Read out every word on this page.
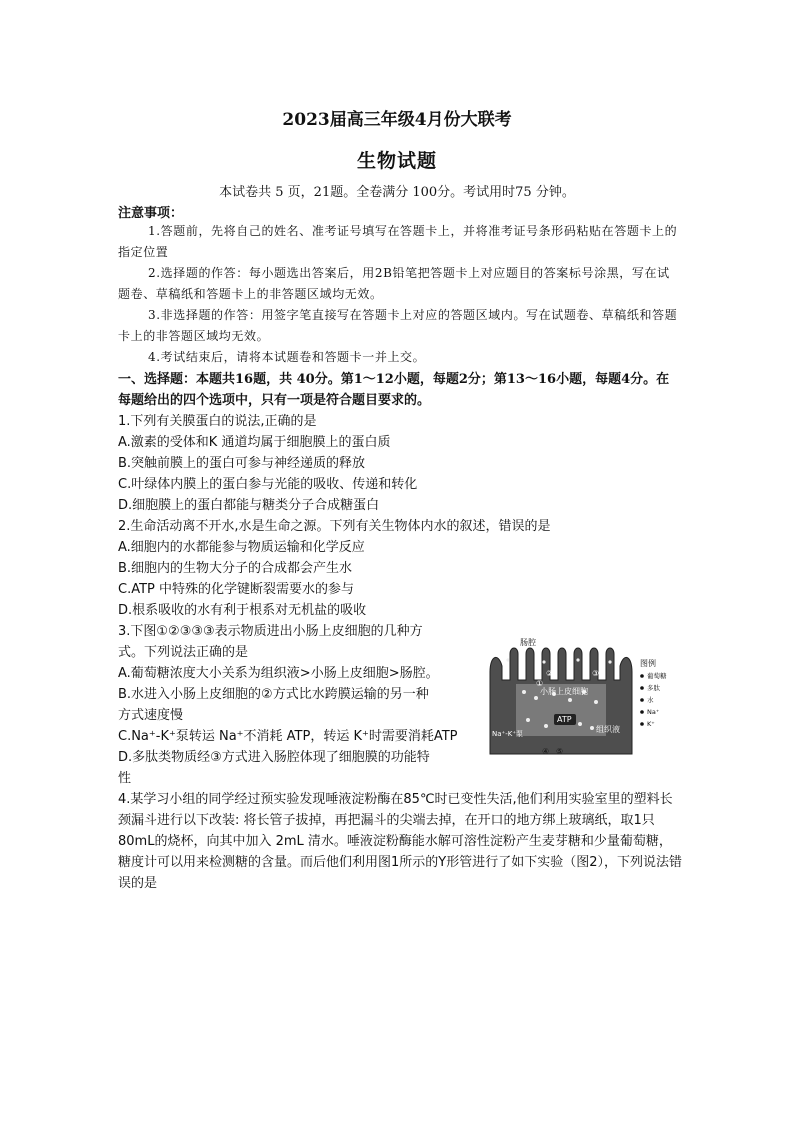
2023届高三年级4月份大联考
生物试题
本试卷共 5 页，21题。全卷满分 100分。考试用时75 分钟。
注意事项：
1.答题前，先将自己的姓名、准考证号填写在答题卡上，并将准考证号条形码粘贴在答题卡上的指定位置
2.选择题的作答：每小题选出答案后，用2B铅笔把答题卡上对应题目的答案标号涂黑，写在试题卷、草稿纸和答题卡上的非答题区域均无效。
3.非选择题的作答：用签字笔直接写在答题卡上对应的答题区域内。写在试题卷、草稿纸和答题卡上的非答题区域均无效。
4.考试结束后，请将本试题卷和答题卡一并上交。
一、选择题：本题共16题，共 40分。第1～12小题，每题2分；第13～16小题，每题4分。在每题给出的四个选项中，只有一项是符合题目要求的。
1.下列有关膜蛋白的说法,正确的是
A.激素的受体和K 通道均属于细胞膜上的蛋白质
B.突触前膜上的蛋白可参与神经递质的释放
C.叶绿体内膜上的蛋白参与光能的吸收、传递和转化
D.细胞膜上的蛋白都能与糖类分子合成糖蛋白
2.生命活动离不开水,水是生命之源。下列有关生物体内水的叙述，错误的是
A.细胞内的水都能参与物质运输和化学反应
B.细胞内的生物大分子的合成都会产生水
C.ATP 中特殊的化学键断裂需要水的参与
D.根系吸收的水有利于根系对无机盐的吸收
3.下图①②③③③表示物质进出小肠上皮细胞的几种方
式。下列说法正确的是
A.葡萄糖浓度大小关系为组织液>小肠上皮细胞>肠腔。
B.水进入小肠上皮细胞的②方式比水跨膜运输的另一种
方式速度慢
C.Na⁺-K⁺泵转运 Na⁺不消耗 ATP，转运 K⁺时需要消耗ATP
D.多肽类物质经③方式进入肠腔体现了细胞膜的功能特
性
肠腔
①
②	③
④ ⑤
小肠上皮细胞
ATP
Na⁺-K⁺泵	组织液
图例
葡萄糖
多肽
水
Na⁺
K⁺
4.某学习小组的同学经过预实验发现唾液淀粉酶在85℃时已变性失活,他们利用实验室里的塑料长颈漏斗进行以下改装: 将长管子拔掉，再把漏斗的尖端去掉，在开口的地方绑上玻璃纸，取1只 80mL的烧杯，向其中加入 2mL 清水。唾液淀粉酶能水解可溶性淀粉产生麦芽糖和少量葡萄糖，糖度计可以用来检测糖的含量。而后他们利用图1所示的Y形管进行了如下实验（图2），下列说法错误的是
